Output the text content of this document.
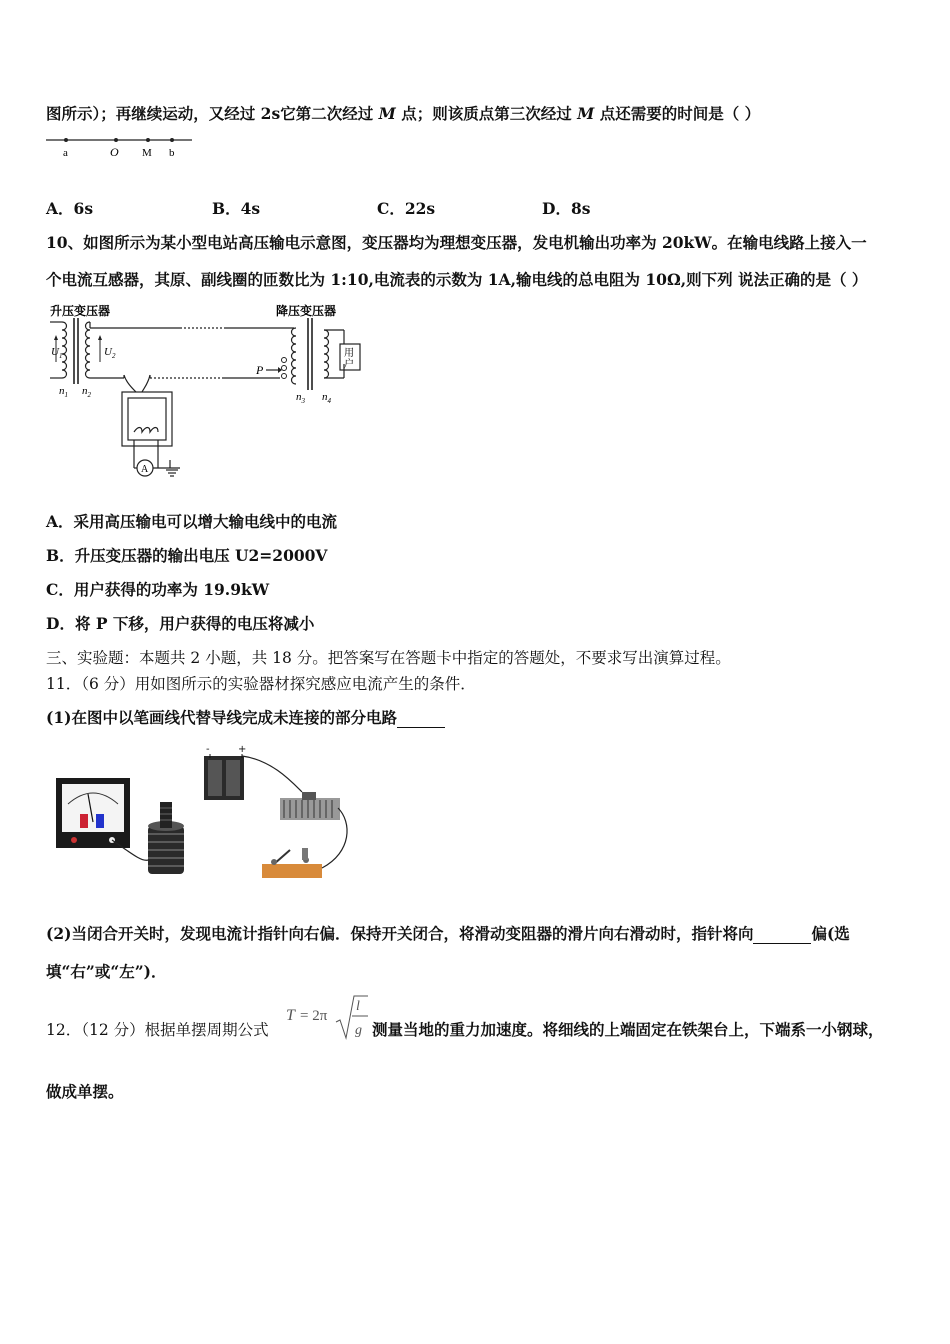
图所示）；再继续运动，又经过 2s它第二次经过 M 点；则该质点第三次经过 M 点还需要的时间是（ ）
a	O M b
A．6s	B．4s	C．22s	D．8s
10、如图所示为某小型电站高压输电示意图，变压器均为理想变压器，发电机输出功率为 20kW。在输电线路上接入一
个电流互感器，其原、副线圈的匝数比为 1:10,电流表的示数为 1A,输电线的总电阻为 10Ω,则下列 说法正确的是（ ）
升压变压器	降压变压器
A
P
$U_1$	$U_2$
$n_1$ $n_2$	$n_3$ $n_4$
用
户
A．采用高压输电可以增大输电线中的电流
B．升压变压器的输出电压 U2=2000V
C．用户获得的功率为 19.9kW
D．将 P 下移，用户获得的电压将减小
三、实验题：本题共 2 小题，共 18 分。把答案写在答题卡中指定的答题处，不要求写出演算过程。
11．（6 分）用如图所示的实验器材探究感应电流产生的条件．
(1)在图中以笔画线代替导线完成未连接的部分电路
-	+
(2)当闭合开关时，发现电流计指针向右偏．保持开关闭合，将滑动变阻器的滑片向右滑动时，指针将向	偏(选
填“右”或“左”)．
12．（12 分）根据单摆周期公式
T = 2π
l
g 测量当地的重力加速度。将细线的上端固定在铁架台上，下端系一小钢球，
做成单摆。
